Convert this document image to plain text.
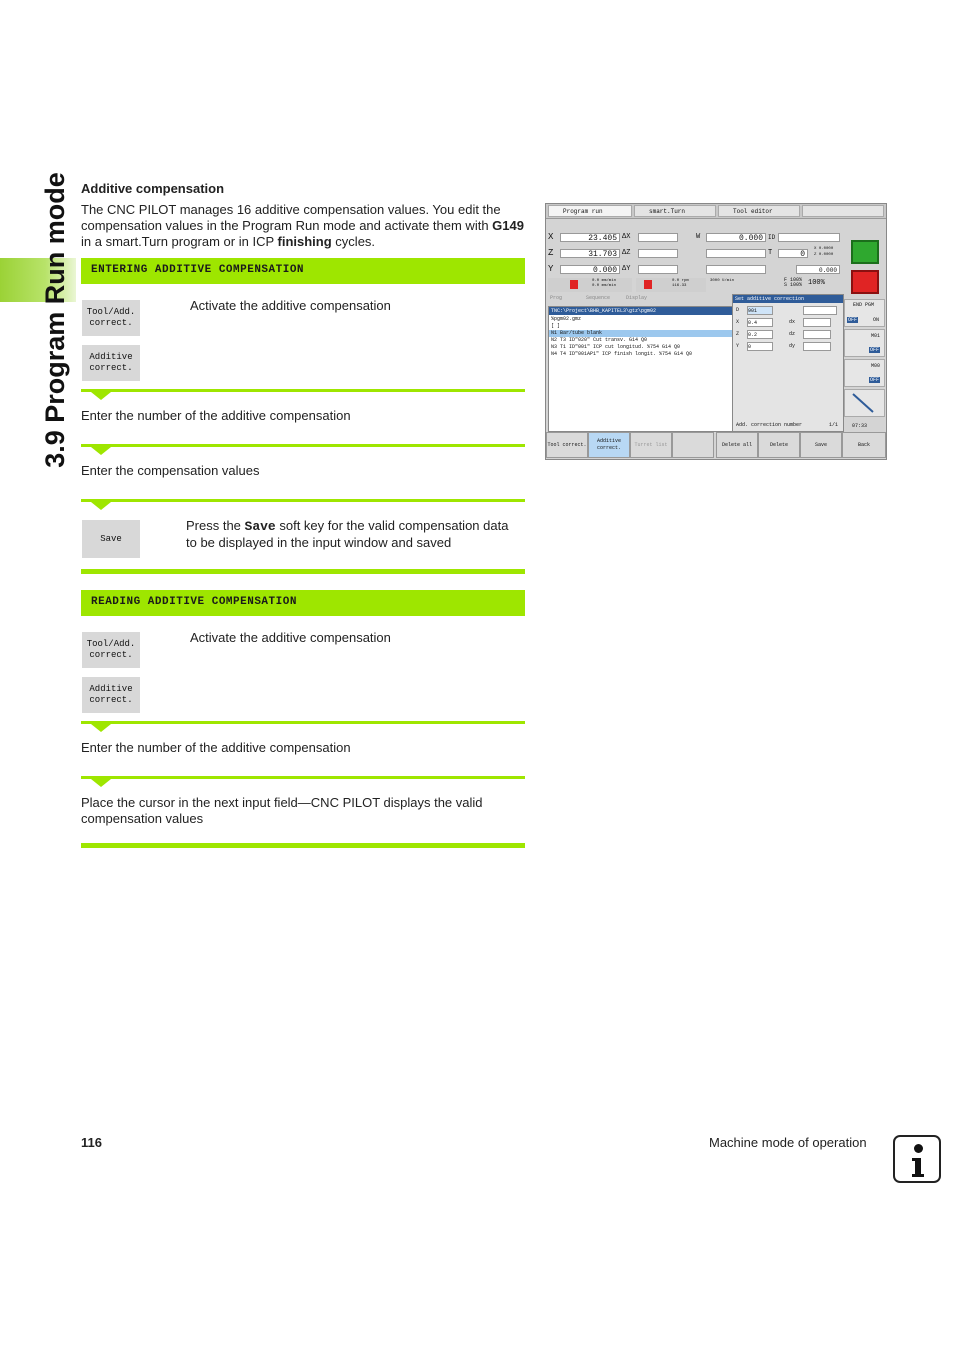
3.9 Program Run mode Additive compensation
The CNC PILOT manages 16 additive compensation values. You edit the compensation values in the Program Run mode and activate them with G149 in a smart.Turn program or in ICP finishing cycles.
ENTERING ADDITIVE COMPENSATION
Tool/Add. correct.
Additive correct.
Activate the additive compensation
Enter the number of the additive compensation
Enter the compensation values
Save
Press the Save soft key for the valid compensation data to be displayed in the input window and saved
READING ADDITIVE COMPENSATION
Tool/Add. correct.
Additive correct.
Activate the additive compensation
Enter the number of the additive compensation
Place the cursor in the next input field—CNC PILOT displays the valid compensation values
Program run	smart.Turn	Tool editor
X	23.405 ΔX
Z	31.703 ΔZ
Y	0.000 ΔY
W	0.000 ID
T	0
X 0.0000
Z 0.0000
0.000
0.0 mm/min
0.0 mm/min
0.0 rpm
116.33
3000 U/min	F 100%
S 100% 100%
Prog	Sequence	Display
TNC:\Project\BHB_KAPITEL3\gtz\pgm02
%pgm02.gmz
[ ]
N1 Bar/tube blank
N2 T3 ID"020" Cut transv. G14 Q0
N3 T1 ID"001" ICP cut longitud. %754 G14 Q0
N4 T4 ID"001AP1" ICP finish longit. %754 G14 Q0
Set additive correction
D 901
X 0.4	dx
Z 0.2	dz
Y 0	dy
Add. correction number	1/1
END PGM
OFF	ON
M01
OFF
M00
OFF
07:33
Tool correct.
Additive correct.
Turret list	Delete all	Delete	Save	Back
116	Machine mode of operation
